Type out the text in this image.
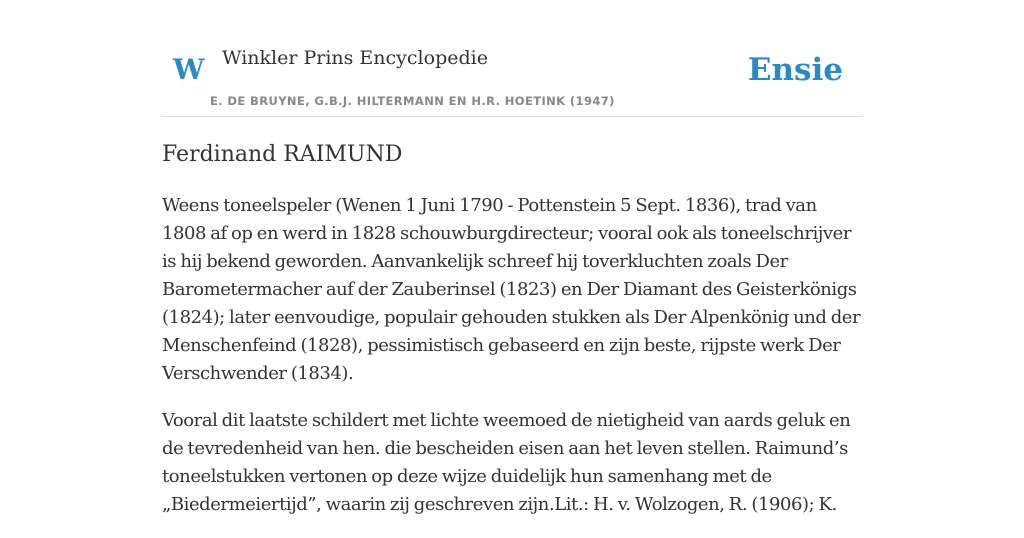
W Winkler Prins Encyclopedie
E. DE BRUYNE, G.B.J. HILTERMANN EN H.R. HOETINK (1947)
Ensie
Ferdinand RAIMUND

Weens toneelspeler (Wenen 1 Juni 1790 - Pottenstein 5 Sept. 1836), trad van 1808 af op en werd in 1828 schouwburgdirecteur; vooral ook als toneelschrijver is hij bekend geworden. Aanvankelijk schreef hij toverkluchten zoals Der Barometermacher auf der Zauberinsel (1823) en Der Diamant des Geisterkönigs (1824); later eenvoudige, populair gehouden stukken als Der Alpenkönig und der Menschenfeind (1828), pessimistisch gebaseerd en zijn beste, rijpste werk Der Verschwender (1834).

Vooral dit laatste schildert met lichte weemoed de nietigheid van aards geluk en de tevredenheid van hen. die bescheiden eisen aan het leven stellen. Raimund’s toneelstukken vertonen op deze wijze duidelijk hun samenhang met de „Biedermeiertijd”, waarin zij geschreven zijn.Lit.: H. v. Wolzogen, R. (1906); K.
